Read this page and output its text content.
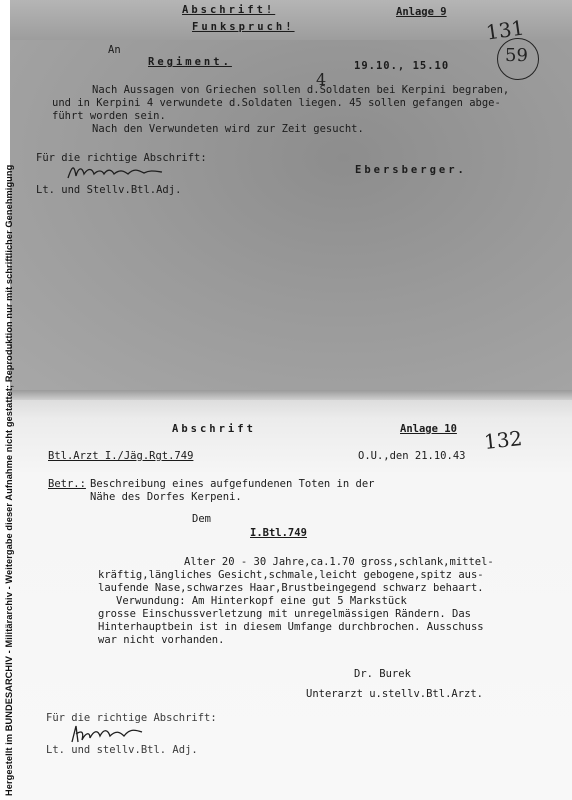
Hergestellt im BUNDESARCHIV - Militärarchiv - Weitergabe dieser Aufnahme nicht gestattet; Reproduktion nur mit schriftlicher Genehmigung
Abschrift!	Anlage 9
Funkspruch!	131
59
An
Regiment.	19.10., 15.10
4
Nach Aussagen von Griechen sollen d.Soldaten bei Kerpini begraben,
und in Kerpini 4 verwundete d.Soldaten liegen. 45 sollen gefangen abge-
führt worden sein.
Nach den Verwundeten wird zur Zeit gesucht.
Für die richtige Abschrift:
Ebersberger.
Lt. und Stellv.Btl.Adj.
Abschrift	Anlage 10 132
Btl.Arzt I./Jäg.Rgt.749	O.U.,den 21.10.43
Betr.: Beschreibung eines aufgefundenen Toten in der
Nähe des Dorfes Kerpeni.
Dem
I.Btl.749
Alter 20 - 30 Jahre,ca.1.70 gross,schlank,mittel-
kräftig,längliches Gesicht,schmale,leicht gebogene,spitz aus-
laufende Nase,schwarzes Haar,Brustbeingegend schwarz behaart.
Verwundung: Am Hinterkopf eine gut 5 Markstück
grosse Einschussverletzung mit unregelmässigen Rändern. Das
Hinterhauptbein ist in diesem Umfange durchbrochen. Ausschuss
war nicht vorhanden.
Dr. Burek
Unterarzt u.stellv.Btl.Arzt.
Für die richtige Abschrift:
Lt. und stellv.Btl. Adj.
